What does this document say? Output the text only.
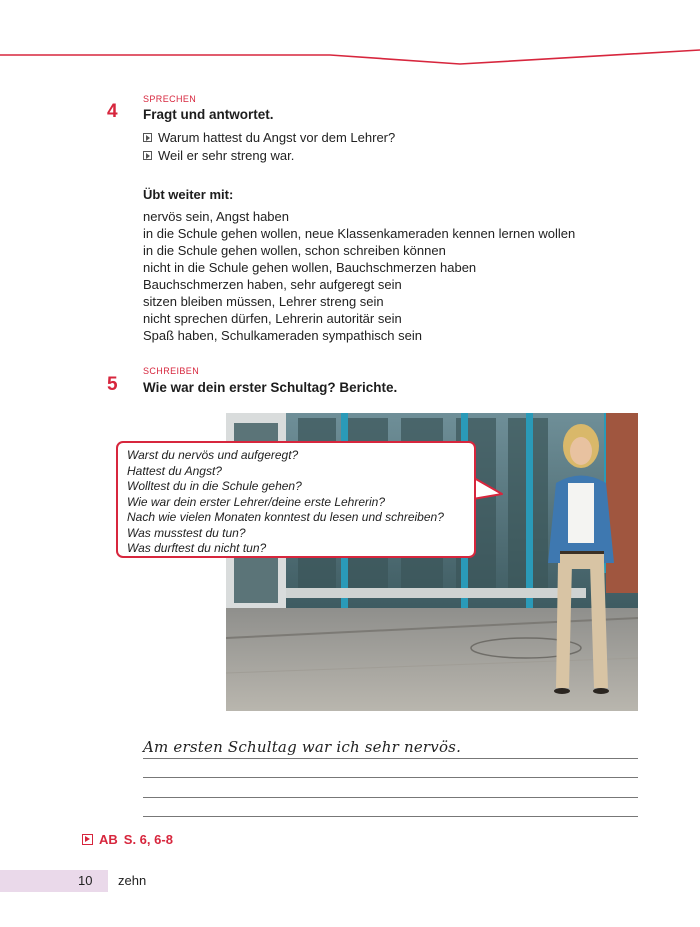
4
SPRECHEN
Fragt und antwortet.
Warum hattest du Angst vor dem Lehrer?
Weil er sehr streng war.
Übt weiter mit:
nervös sein, Angst haben
in die Schule gehen wollen, neue Klassenkameraden kennen lernen wollen
in die Schule gehen wollen, schon schreiben können
nicht in die Schule gehen wollen, Bauchschmerzen haben
Bauchschmerzen haben, sehr aufgeregt sein
sitzen bleiben müssen, Lehrer streng sein
nicht sprechen dürfen, Lehrerin autoritär sein
Spaß haben, Schulkameraden sympathisch sein
5
SCHREIBEN
Wie war dein erster Schultag? Berichte.

Warst du nervös und aufgeregt?

Hattest du Angst?

Wolltest du in die Schule gehen?

Wie war dein erster Lehrer/deine erste Lehrerin?

Nach wie vielen Monaten konntest du lesen und schreiben?

Was musstest du tun?

Was durftest du nicht tun?

Am ersten Schultag war ich sehr nervös.
AB S. 6, 6-8
10 zehn
